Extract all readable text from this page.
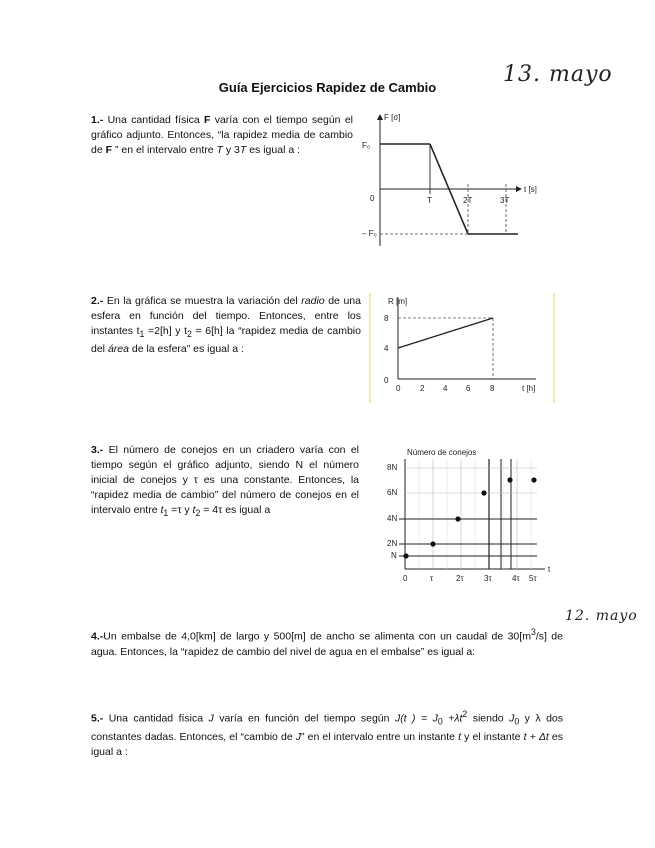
Guía Ejercicios Rapidez de Cambio
13. mayo
12. mayo
1.- Una cantidad física F varía con el tiempo según el gráfico adjunto. Entonces, “la rapidez media de cambio de F ” en el intervalo entre T y 3T es igual a :
F [σ]
t [s]
F₀
– F₀
0	T	2T	3T
2.- En la gráfica se muestra la variación del radio de una esfera en función del tiempo. Entonces, entre los instantes $t_1 =2[h]$ y $t_2 = 6[h]$ la “rapidez media de cambio del área de la esfera” es igual a :
R [m]
t [h]
0
4
8
0 2 4 6 8
3.- El número de conejos en un criadero varía con el tiempo según el gráfico adjunto, siendo N el número inicial de conejos y τ es una constante. Entonces, la “rapidez media de cambio” del número de conejos en el intervalo entre $t_1 =\tau$ y $t_2 = 4\tau$ es igual a
Número de conejos
t
N
2N
4N
6N
8N
0	τ	2τ	3τ	4τ 5τ
4.-Un embalse de 4,0[km] de largo y 500[m] de ancho se alimenta con un caudal de $30[m^3/s]$ de agua. Entonces, la “rapidez de cambio del nivel de agua en el embalse” es igual a:
5.- Una cantidad física J varía en función del tiempo según J(t ) = $J_0 +\lambda t^2$ siendo $J_0$ y λ dos constantes dadas. Entonces, el “cambio de J” en el intervalo entre un instante t y el instante t + Δt es igual a :
